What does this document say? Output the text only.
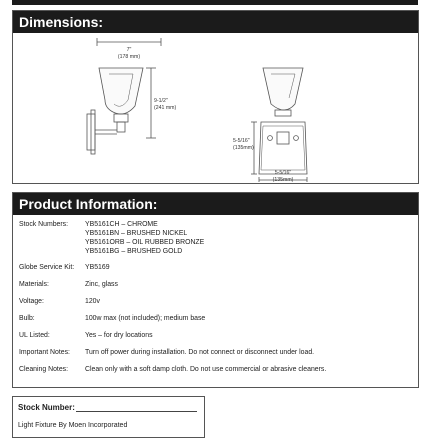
Dimensions:
7"
(178 mm)
9-1/2"
(241 mm)
5-5/16"
(135mm)
5-5/16"
(135mm)
Product Information:
Stock Numbers:	YB5161CH – CHROME
YB5161BN – BRUSHED NICKEL
YB5161ORB – OIL RUBBED BRONZE
YB5161BG – BRUSHED GOLD
Globe Service Kit:	YB5169
Materials:	Zinc, glass
Voltage:	120v
Bulb:	100w max (not included); medium base
UL Listed:	Yes – for dry locations
Important Notes:	Turn off power during installation. Do not connect or disconnect under load.
Cleaning Notes:	Clean only with a soft damp cloth. Do not use commercial or abrasive cleaners.
Stock Number:
Light Fixture By Moen Incorporated
